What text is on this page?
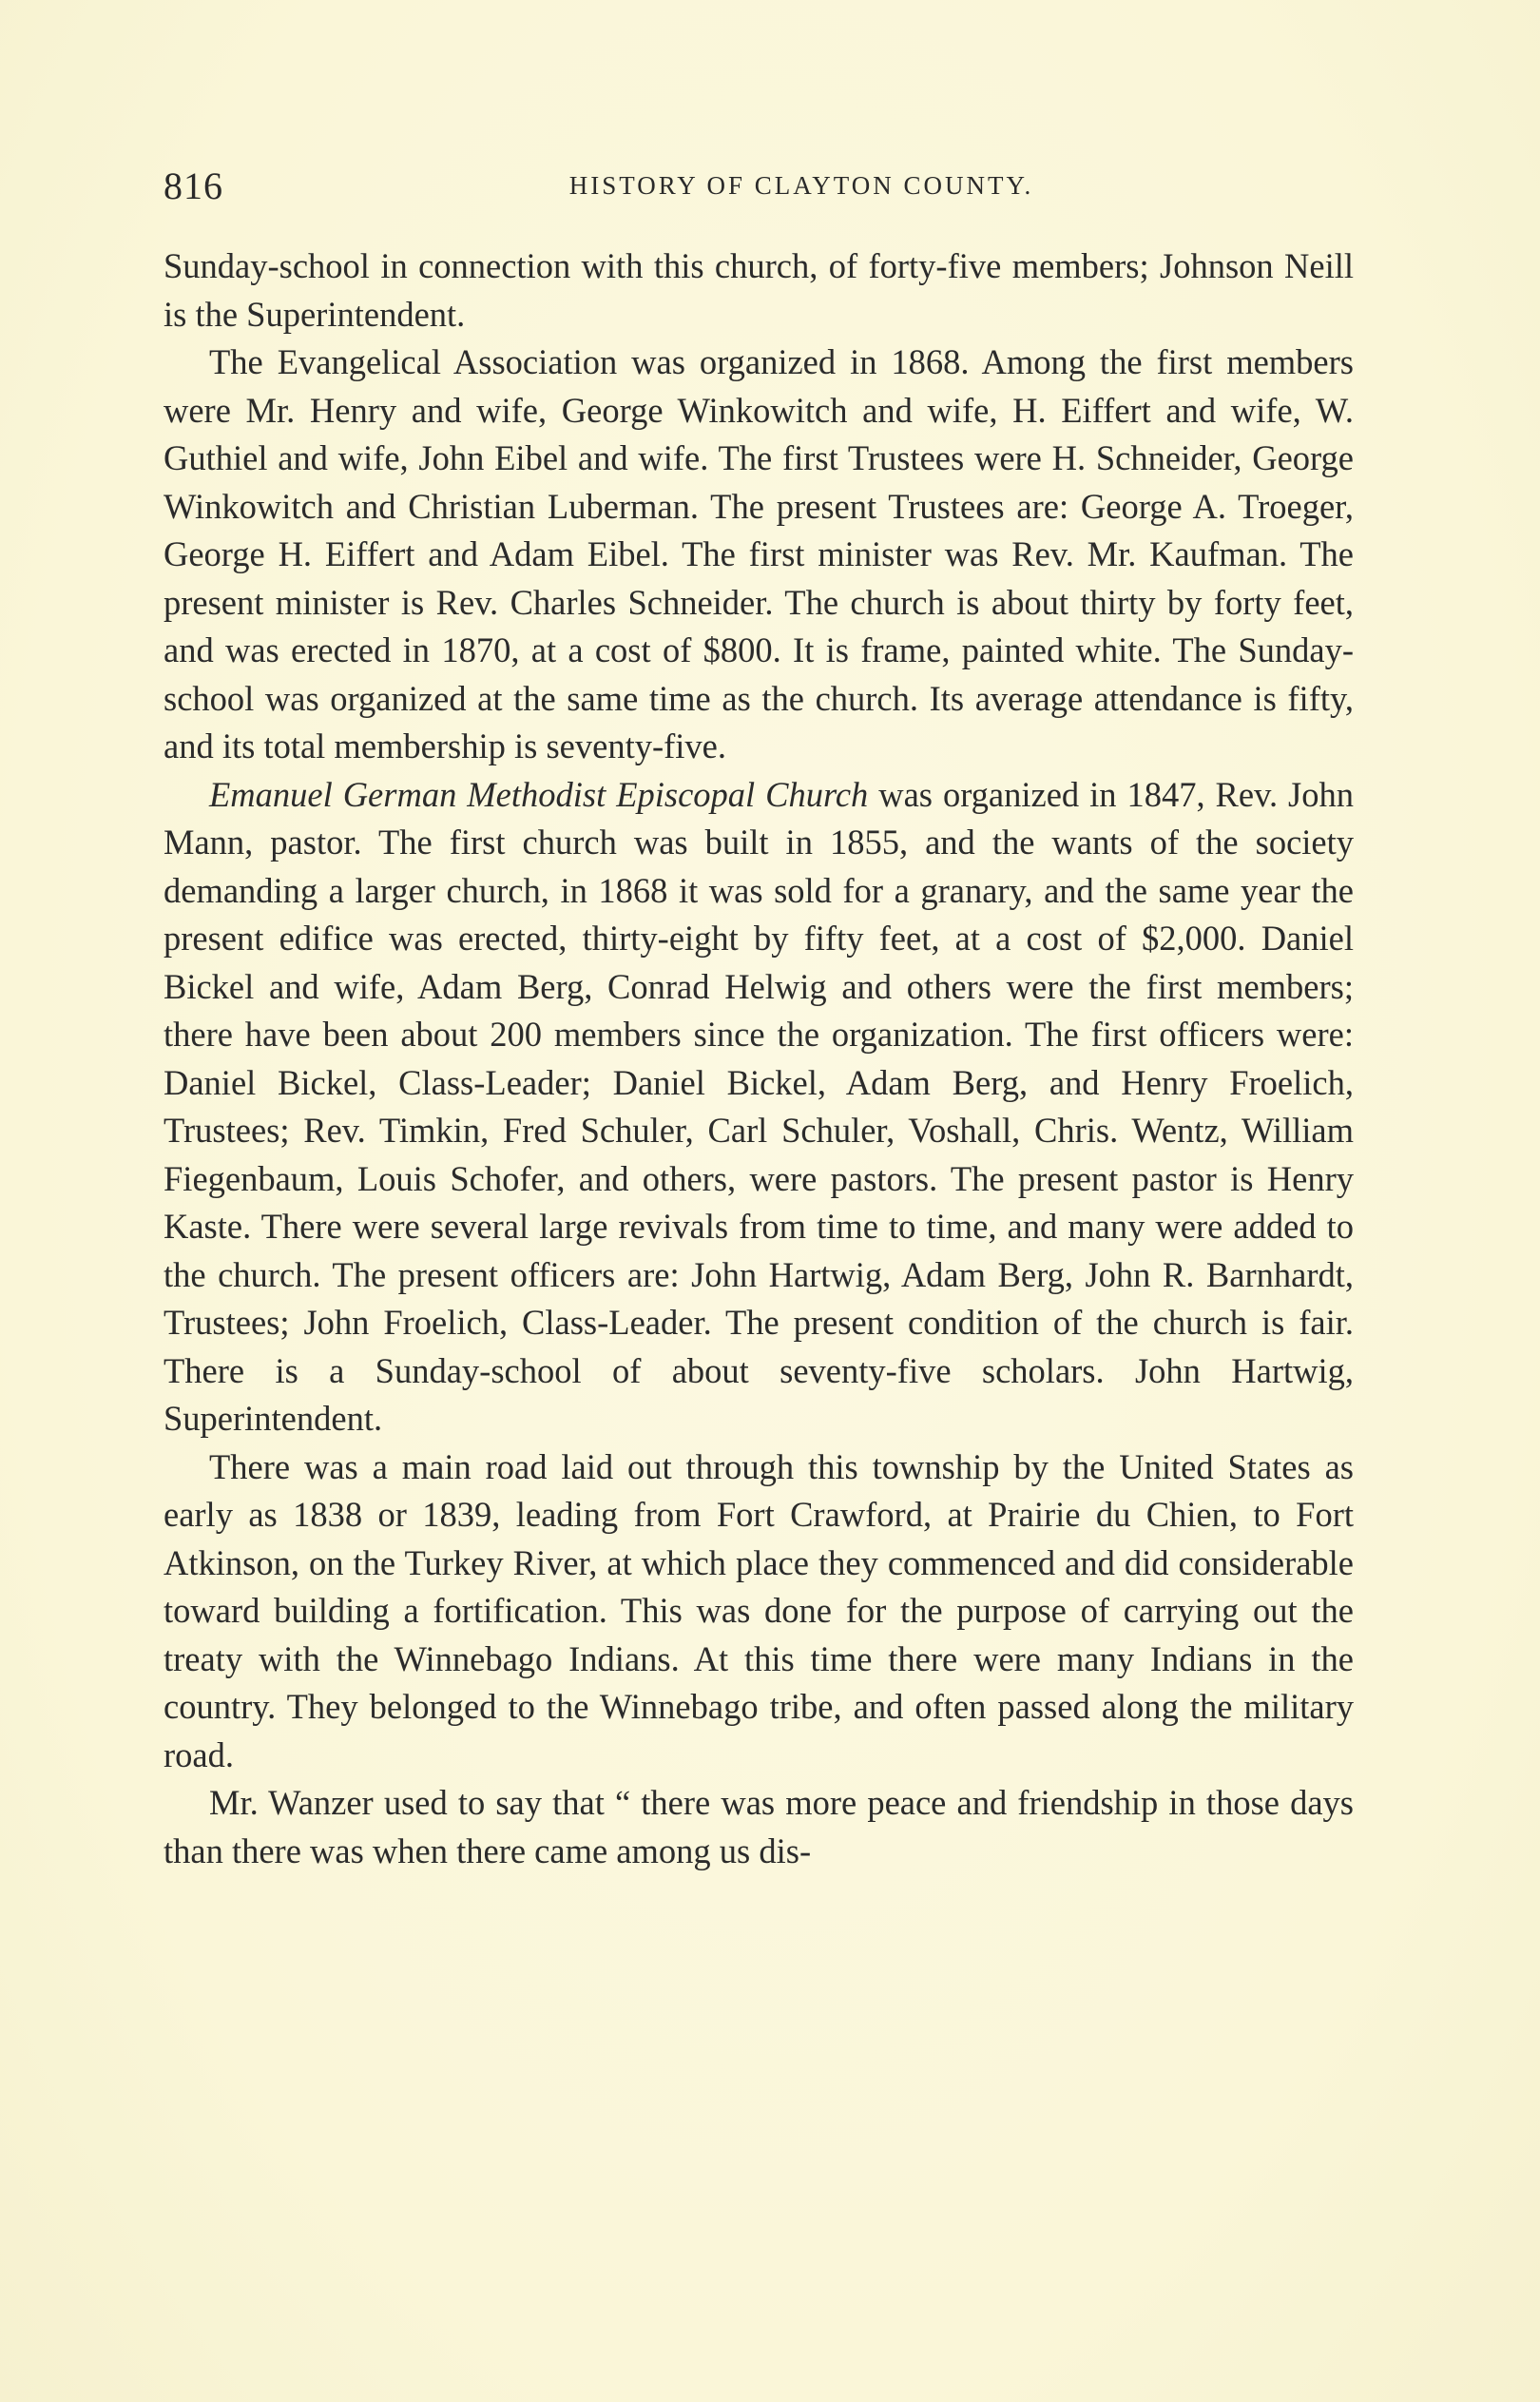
816	HISTORY OF CLAYTON COUNTY.

Sunday-school in connection with this church, of forty-five members; Johnson Neill is the Superintendent.

The Evangelical Association was organized in 1868. Among the first members were Mr. Henry and wife, George Winkowitch and wife, H. Eiffert and wife, W. Guthiel and wife, John Eibel and wife. The first Trustees were H. Schneider, George Winkowitch and Christian Luberman. The present Trustees are: George A. Troeger, George H. Eiffert and Adam Eibel. The first minister was Rev. Mr. Kaufman. The present minister is Rev. Charles Schneider. The church is about thirty by forty feet, and was erected in 1870, at a cost of $800. It is frame, painted white. The Sunday-school was organized at the same time as the church. Its average attendance is fifty, and its total membership is seventy-five.

Emanuel German Methodist Episcopal Church was organized in 1847, Rev. John Mann, pastor. The first church was built in 1855, and the wants of the society demanding a larger church, in 1868 it was sold for a granary, and the same year the present edifice was erected, thirty-eight by fifty feet, at a cost of $2,000. Daniel Bickel and wife, Adam Berg, Conrad Helwig and others were the first members; there have been about 200 members since the organization. The first officers were: Daniel Bickel, Class-Leader; Daniel Bickel, Adam Berg, and Henry Froelich, Trustees; Rev. Timkin, Fred Schuler, Carl Schuler, Voshall, Chris. Wentz, William Fiegenbaum, Louis Schofer, and others, were pastors. The present pastor is Henry Kaste. There were several large revivals from time to time, and many were added to the church. The present officers are: John Hartwig, Adam Berg, John R. Barnhardt, Trustees; John Froelich, Class-Leader. The present condition of the church is fair. There is a Sunday-school of about seventy-five scholars. John Hartwig, Superintendent.

There was a main road laid out through this township by the United States as early as 1838 or 1839, leading from Fort Crawford, at Prairie du Chien, to Fort Atkinson, on the Turkey River, at which place they commenced and did considerable toward building a fortification. This was done for the purpose of carrying out the treaty with the Winnebago Indians. At this time there were many Indians in the country. They belonged to the Winnebago tribe, and often passed along the military road.

Mr. Wanzer used to say that “ there was more peace and friendship in those days than there was when there came among us dis-
